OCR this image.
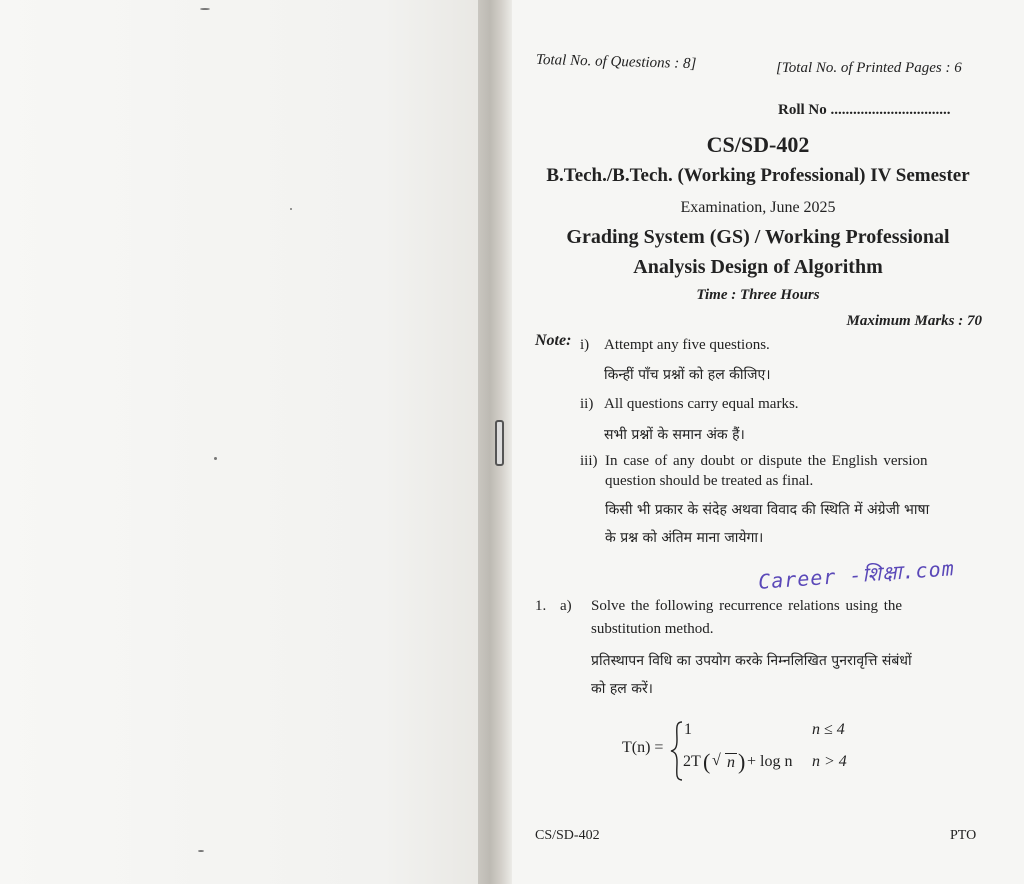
Total No. of Questions : 8]	[Total No. of Printed Pages : 6
Roll No ................................
CS/SD-402
B.Tech./B.Tech. (Working Professional) IV Semester
Examination, June 2025
Grading System (GS) / Working Professional
Analysis Design of Algorithm
Time : Three Hours
Maximum Marks : 70
Note: i) Attempt any five questions.
किन्हीं पाँच प्रश्नों को हल कीजिए।
ii) All questions carry equal marks.
सभी प्रश्नों के समान अंक हैं।
iii) In case of any doubt or dispute the English version
question should be treated as final.
किसी भी प्रकार के संदेह अथवा विवाद की स्थिति में अंग्रेजी भाषा
के प्रश्न को अंतिम माना जायेगा।
Career -शिक्षा.com
1. a) Solve the following recurrence relations using the
substitution method.
प्रतिस्थापन विधि का उपयोग करके निम्नलिखित पुनरावृत्ति संबंधों
को हल करें।
T(n) =
1	n ≤ 4
2T ( √ n ) + log n n > 4
CS/SD-402	PTO
